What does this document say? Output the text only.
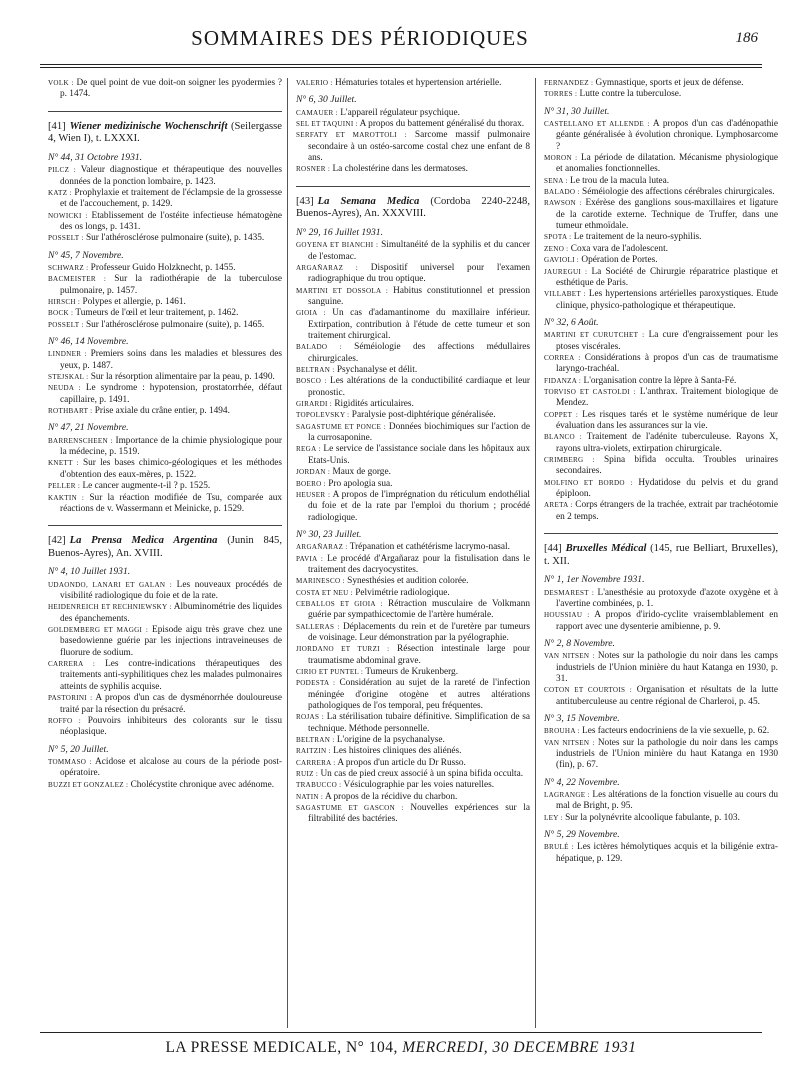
SOMMAIRES DES PÉRIODIQUES	186
VOLK : De quel point de vue doit-on soigner les pyodermies ? p. 1474.
[41] Wiener medizinische Wochenschrift (Seilergasse 4, Wien I), t. LXXXI.
N° 44, 31 Octobre 1931.
PILCZ : Valeur diagnostique et thérapeutique des nouvelles données de la ponction lombaire, p. 1423.
KATZ : Prophylaxie et traitement de l'éclampsie de la grossesse et de l'accouchement, p. 1429.
NOWICKI : Etablissement de l'ostéite infectieuse hématogène des os longs, p. 1431.
POSSELT : Sur l'athérosclérose pulmonaire (suite), p. 1435.
N° 45, 7 Novembre.
SCHWARZ : Professeur Guido Holzknecht, p. 1455.
BACMEISTER : Sur la radiothérapie de la tuberculose pulmonaire, p. 1457.
HIRSCH : Polypes et allergie, p. 1461.
BOCK : Tumeurs de l'œil et leur traitement, p. 1462.
POSSELT : Sur l'athérosclérose pulmonaire (suite), p. 1465.
N° 46, 14 Novembre.
LINDNER : Premiers soins dans les maladies et blessures des yeux, p. 1487.
STEJSKAL : Sur la résorption alimentaire par la peau, p. 1490.
NEUDA : Le syndrome : hypotension, prostatorrhée, défaut capillaire, p. 1491.
ROTHBART : Prise axiale du crâne entier, p. 1494.
N° 47, 21 Novembre.
BARRENSCHEEN : Importance de la chimie physiologique pour la médecine, p. 1519.
KNETT : Sur les bases chimico-géologiques et les méthodes d'obtention des eaux-mères, p. 1522.
PELLER : Le cancer augmente-t-il ? p. 1525.
KAKTIN : Sur la réaction modifiée de Tsu, comparée aux réactions de v. Wassermann et Meinicke, p. 1529.
[42] La Prensa Medica Argentina (Junin 845, Buenos-Ayres), An. XVIII.
N° 4, 10 Juillet 1931.
UDAONDO, LANARI ET GALAN : Les nouveaux procédés de visibilité radiologique du foie et de la rate.
HEIDENREICH ET RECHNIEWSKY : Albuminométrie des liquides des épanchements.
GOLDEMBERG ET MAGGI : Episode aigu très grave chez une basedowienne guérie par les injections intraveineuses de fluorure de sodium.
CARRERA : Les contre-indications thérapeutiques des traitements anti-syphilitiques chez les malades pulmonaires atteints de syphilis acquise.
PASTORINI : A propos d'un cas de dysménorrhée douloureuse traité par la résection du présacré.
ROFFO : Pouvoirs inhibiteurs des colorants sur le tissu néoplasique.
N° 5, 20 Juillet.
TOMMASO : Acidose et alcalose au cours de la période post-opératoire.
BUZZI ET GONZALEZ : Cholécystite chronique avec adénome.
VALERIO : Hématuries totales et hypertension artérielle.
N° 6, 30 Juillet.
CAMAUER : L'appareil régulateur psychique.
SEL ET TAQUINI : A propos du battement généralisé du thorax.
SERFATY ET MAROTTOLI : Sarcome massif pulmonaire secondaire à un ostéo-sarcome costal chez une enfant de 8 ans.
ROSNER : La cholestérine dans les dermatoses.
[43] La Semana Medica (Cordoba 2240-2248, Buenos-Ayres), An. XXXVIII.
N° 29, 16 Juillet 1931.
GOYENA ET BIANCHI : Simultanéité de la syphilis et du cancer de l'estomac.
ARGAÑARAZ : Dispositif universel pour l'examen radiographique du trou optique.
MARTINI ET DOSSOLA : Habitus constitutionnel et pression sanguine.
GIOIA : Un cas d'adamantinome du maxillaire inférieur. Extirpation, contribution à l'étude de cette tumeur et son traitement chirurgical.
BALADO : Séméiologie des affections médullaires chirurgicales.
BELTRAN : Psychanalyse et délit.
BOSCO : Les altérations de la conductibilité cardiaque et leur pronostic.
GIRARDI : Rigidités articulaires.
TOPOLEVSKY : Paralysie post-diphtérique généralisée.
SAGASTUME ET PONCE : Données biochimiques sur l'action de la currosaponine.
REGA : Le service de l'assistance sociale dans les hôpitaux aux Etats-Unis.
JORDAN : Maux de gorge.
BOERO : Pro apologia sua.
HEUSER : A propos de l'imprégnation du réticulum endothélial du foie et de la rate par l'emploi du thorium ; procédé radiologique.
N° 30, 23 Juillet.
ARGAÑARAZ : Trépanation et cathétérisme lacrymo-nasal.
PAVIA : Le procédé d'Argañaraz pour la fistulisation dans le traitement des dacryocystites.
MARINESCO : Synesthésies et audition colorée.
COSTA ET NEU : Pelvimétrie radiologique.
CEBALLOS ET GIOIA : Rétraction musculaire de Volkmann guérie par sympathicectomie de l'artère humérale.
SALLERAS : Déplacements du rein et de l'uretère par tumeurs de voisinage. Leur démonstration par la pyélographie.
JIORDANO ET TURZI : Résection intestinale large pour traumatisme abdominal grave.
CIRIO ET PUNTEL : Tumeurs de Krukenberg.
PODESTA : Considération au sujet de la rareté de l'infection méningée d'origine otogène et autres altérations pathologiques de l'os temporal, peu fréquentes.
ROJAS : La stérilisation tubaire définitive. Simplification de sa technique. Méthode personnelle.
BELTRAN : L'origine de la psychanalyse.
RAITZIN : Les histoires cliniques des aliénés.
CARRERA : A propos d'un article du Dr Russo.
RUIZ : Un cas de pied creux associé à un spina bifida occulta.
TRABUCCO : Vésiculographie par les voies naturelles.
NATIN : A propos de la récidive du charbon.
SAGASTUME ET GASCON : Nouvelles expériences sur la filtrabilité des bactéries.
FERNANDEZ : Gymnastique, sports et jeux de défense.
TORRES : Lutte contre la tuberculose.
N° 31, 30 Juillet.
CASTELLANO ET ALLENDE : A propos d'un cas d'adénopathie géante généralisée à évolution chronique. Lymphosarcome ?
MORON : La période de dilatation. Mécanisme physiologique et anomalies fonctionnelles.
SENA : Le trou de la macula lutea.
BALADO : Séméiologie des affections cérébrales chirurgicales.
RAWSON : Exérèse des ganglions sous-maxillaires et ligature de la carotide externe. Technique de Truffer, dans une tumeur ethmoïdale.
SPOTA : Le traitement de la neuro-syphilis.
ZENO : Coxa vara de l'adolescent.
GAVIOLI : Opération de Portes.
JAUREGUI : La Société de Chirurgie réparatrice plastique et esthétique de Paris.
VILLABET : Les hypertensions artérielles paroxystiques. Etude clinique, physico-pathologique et thérapeutique.
N° 32, 6 Août.
MARTINI ET CURUTCHET : La cure d'engraissement pour les ptoses viscérales.
CORREA : Considérations à propos d'un cas de traumatisme laryngo-trachéal.
FIDANZA : L'organisation contre la lèpre à Santa-Fé.
TORVISO ET CASTOLDI : L'anthrax. Traitement biologique de Mendez.
COPPET : Les risques tarés et le système numérique de leur évaluation dans les assurances sur la vie.
BLANCO : Traitement de l'adénite tuberculeuse. Rayons X, rayons ultra-violets, extirpation chirurgicale.
CRIMBERG : Spina bifida occulta. Troubles urinaires secondaires.
MOLFINO ET BORDO : Hydatidose du pelvis et du grand épiploon.
ARETA : Corps étrangers de la trachée, extrait par trachéotomie en 2 temps.
[44] Bruxelles Médical (145, rue Belliart, Bruxelles), t. XII.
N° 1, 1er Novembre 1931.
DESMAREST : L'anesthésie au protoxyde d'azote oxygène et à l'avertine combinées, p. 1.
HOUSSIAU : A propos d'irido-cyclite vraisemblablement en rapport avec une dysenterie amibienne, p. 9.
N° 2, 8 Novembre.
VAN NITSEN : Notes sur la pathologie du noir dans les camps industriels de l'Union minière du haut Katanga en 1930, p. 31.
COTON ET COURTOIS : Organisation et résultats de la lutte antituberculeuse au centre régional de Charleroi, p. 45.
N° 3, 15 Novembre.
BROUHA : Les facteurs endocriniens de la vie sexuelle, p. 62.
VAN NITSEN : Notes sur la pathologie du noir dans les camps industriels de l'Union minière du haut Katanga en 1930 (fin), p. 67.
N° 4, 22 Novembre.
LAGRANGE : Les altérations de la fonction visuelle au cours du mal de Bright, p. 95.
LEY : Sur la polynévrite alcoolique fabulante, p. 103.
N° 5, 29 Novembre.
BRULÉ : Les ictères hémolytiques acquis et la biligénie extra-hépatique, p. 129.
LA PRESSE MEDICALE, N° 104, MERCREDI, 30 DECEMBRE 1931
